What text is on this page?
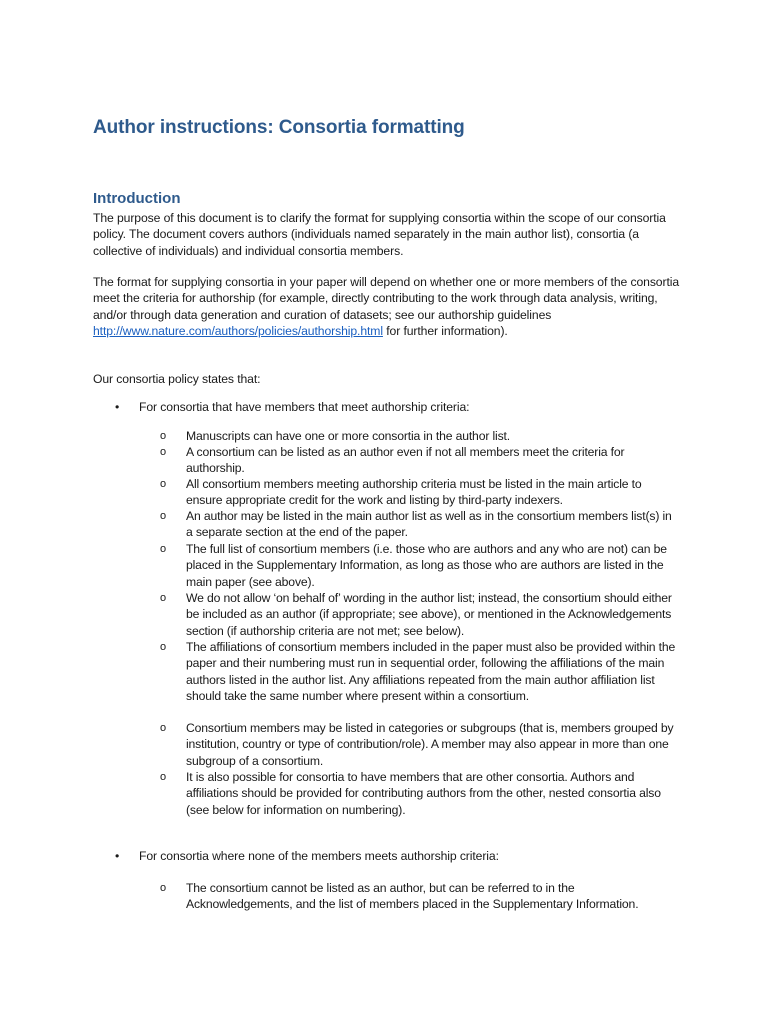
Author instructions: Consortia formatting
Introduction

The purpose of this document is to clarify the format for supplying consortia within the scope of our consortia policy. The document covers authors (individuals named separately in the main author list), consortia (a collective of individuals) and individual consortia members.

The format for supplying consortia in your paper will depend on whether one or more members of the consortia meet the criteria for authorship (for example, directly contributing to the work through data analysis, writing, and/or through data generation and curation of datasets; see our authorship guidelines http://www.nature.com/authors/policies/authorship.html for further information).

Our consortia policy states that:

• For consortia that have members that meet authorship criteria:
o Manuscripts can have one or more consortia in the author list.
o A consortium can be listed as an author even if not all members meet the criteria for authorship.
o All consortium members meeting authorship criteria must be listed in the main article to ensure appropriate credit for the work and listing by third-party indexers.
o An author may be listed in the main author list as well as in the consortium members list(s) in a separate section at the end of the paper.
o The full list of consortium members (i.e. those who are authors and any who are not) can be placed in the Supplementary Information, as long as those who are authors are listed in the main paper (see above).
o We do not allow ‘on behalf of’ wording in the author list; instead, the consortium should either be included as an author (if appropriate; see above), or mentioned in the Acknowledgements section (if authorship criteria are not met; see below).
o The affiliations of consortium members included in the paper must also be provided within the paper and their numbering must run in sequential order, following the affiliations of the main authors listed in the author list. Any affiliations repeated from the main author affiliation list should take the same number where present within a consortium.
o Consortium members may be listed in categories or subgroups (that is, members grouped by institution, country or type of contribution/role). A member may also appear in more than one subgroup of a consortium.
o It is also possible for consortia to have members that are other consortia. Authors and affiliations should be provided for contributing authors from the other, nested consortia also (see below for information on numbering).
• For consortia where none of the members meets authorship criteria:
o The consortium cannot be listed as an author, but can be referred to in the Acknowledgements, and the list of members placed in the Supplementary Information.
